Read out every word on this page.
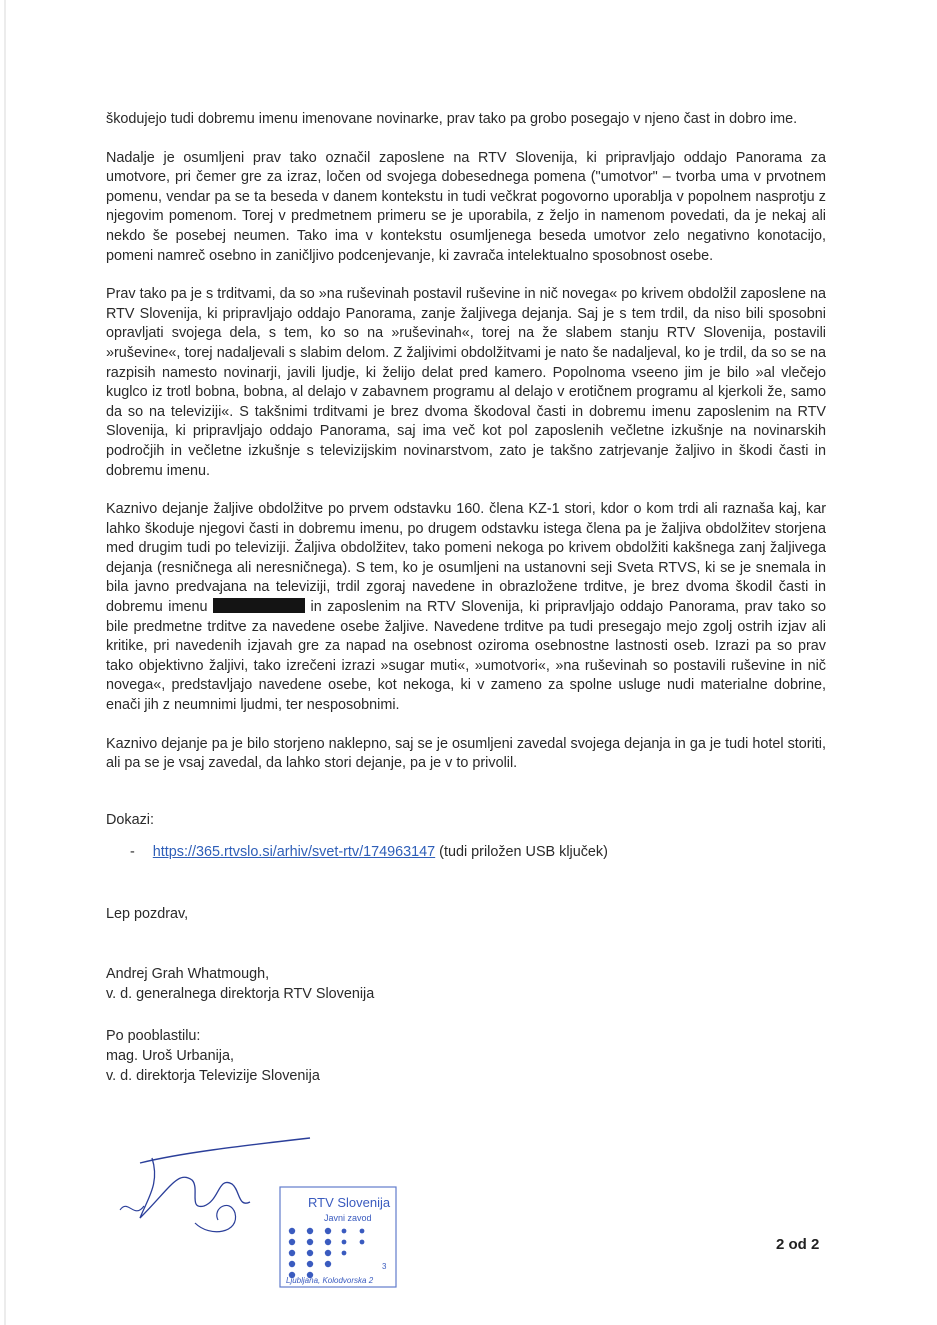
škodujejo tudi dobremu imenu imenovane novinarke, prav tako pa grobo posegajo v njeno čast in dobro ime.

Nadalje je osumljeni prav tako označil zaposlene na RTV Slovenija, ki pripravljajo oddajo Panorama za umotvore, pri čemer gre za izraz, ločen od svojega dobesednega pomena ("umotvor" – tvorba uma v prvotnem pomenu, vendar pa se ta beseda v danem kontekstu in tudi večkrat pogovorno uporablja v popolnem nasprotju z njegovim pomenom. Torej v predmetnem primeru se je uporabila, z željo in namenom povedati, da je nekaj ali nekdo še posebej neumen. Tako ima v kontekstu osumljenega beseda umotvor zelo negativno konotacijo, pomeni namreč osebno in zaničljivo podcenjevanje, ki zavrača intelektualno sposobnost osebe.

Prav tako pa je s trditvami, da so »na ruševinah postavil ruševine in nič novega« po krivem obdolžil zaposlene na RTV Slovenija, ki pripravljajo oddajo Panorama, zanje žaljivega dejanja. Saj je s tem trdil, da niso bili sposobni opravljati svojega dela, s tem, ko so na »ruševinah«, torej na že slabem stanju RTV Slovenija, postavili »ruševine«, torej nadaljevali s slabim delom. Z žaljivimi obdolžitvami je nato še nadaljeval, ko je trdil, da so se na razpisih namesto novinarji, javili ljudje, ki želijo delat pred kamero. Popolnoma vseeno jim je bilo »al vlečejo kuglco iz trotl bobna, bobna, al delajo v zabavnem programu al delajo v erotičnem programu al kjerkoli že, samo da so na televiziji«. S takšnimi trditvami je brez dvoma škodoval časti in dobremu imenu zaposlenim na RTV Slovenija, ki pripravljajo oddajo Panorama, saj ima več kot pol zaposlenih večletne izkušnje na novinarskih področjih in večletne izkušnje s televizijskim novinarstvom, zato je takšno zatrjevanje žaljivo in škodi časti in dobremu imenu.

Kaznivo dejanje žaljive obdolžitve po prvem odstavku 160. člena KZ-1 stori, kdor o kom trdi ali raznaša kaj, kar lahko škoduje njegovi časti in dobremu imenu, po drugem odstavku istega člena pa je žaljiva obdolžitev storjena med drugim tudi po televiziji. Žaljiva obdolžitev, tako pomeni nekoga po krivem obdolžiti kakšnega zanj žaljivega dejanja (resničnega ali neresničnega). S tem, ko je osumljeni na ustanovni seji Sveta RTVS, ki se je snemala in bila javno predvajana na televiziji, trdil zgoraj navedene in obrazložene trditve, je brez dvoma škodil časti in dobremu imenu	in zaposlenim na RTV Slovenija, ki pripravljajo oddajo Panorama, prav tako so bile predmetne trditve za navedene osebe žaljive. Navedene trditve pa tudi presegajo mejo zgolj ostrih izjav ali kritike, pri navedenih izjavah gre za napad na osebnost oziroma osebnostne lastnosti oseb. Izrazi pa so prav tako objektivno žaljivi, tako izrečeni izrazi »sugar muti«, »umotvori«, »na ruševinah so postavili ruševine in nič novega«, predstavljajo navedene osebe, kot nekoga, ki v zameno za spolne usluge nudi materialne dobrine, enači jih z neumnimi ljudmi, ter nesposobnimi.

Kaznivo dejanje pa je bilo storjeno naklepno, saj se je osumljeni zavedal svojega dejanja in ga je tudi hotel storiti, ali pa se je vsaj zavedal, da lahko stori dejanje, pa je v to privolil.

Dokazi:
- https://365.rtvslo.si/arhiv/svet-rtv/174963147 (tudi priložen USB ključek)
Lep pozdrav,
Andrej Grah Whatmough,
v. d. generalnega direktorja RTV Slovenija
Po pooblastilu:
mag. Uroš Urbanija,
v. d. direktorja Televizije Slovenija
RTV Slovenija
Javni zavod
3
Ljubljana, Kolodvorska 2
2 od 2
